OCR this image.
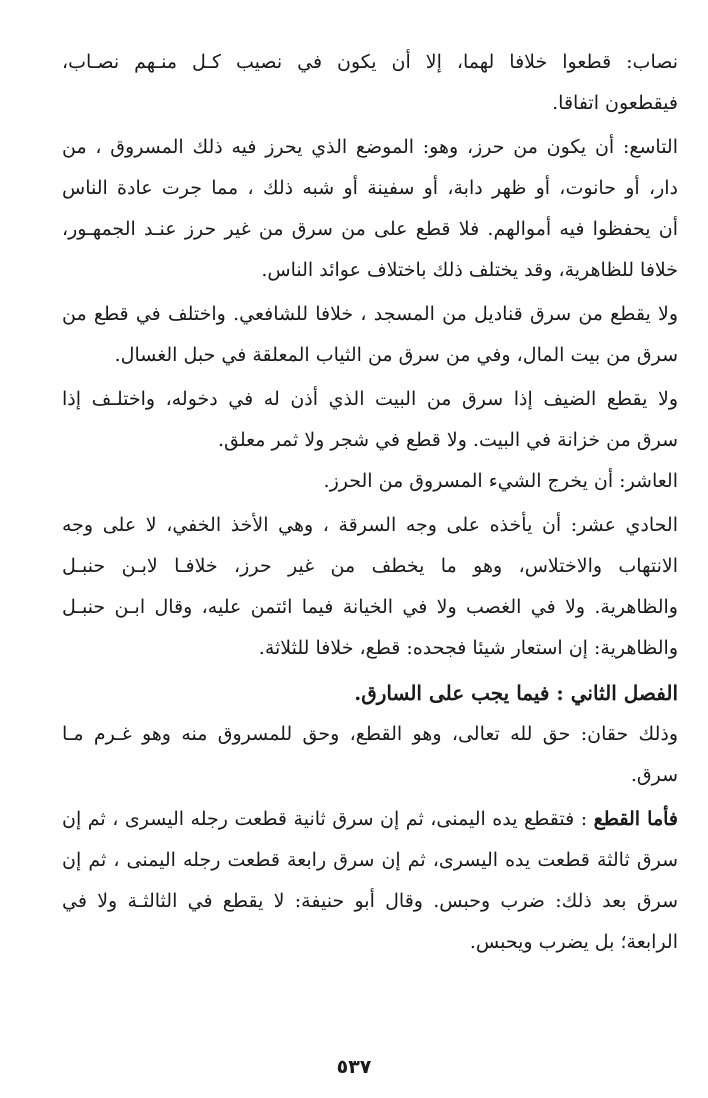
نصاب: قطعوا خلافا لهما، إلا أن يكون في نصيب كـل منـهم نصـاب،
فيقطعون اتفاقا.
التاسع: أن يكون من حرز، وهو: الموضع الذي يحرز فيه ذلك المسروق ، من
دار، أو حانوت، أو ظهر دابة، أو سفينة أو شبه ذلك ، مما جرت عادة الناس
أن يحفظوا فيه أموالهم. فلا قطع على من سرق من غير حرز عنـد الجمهـور،
خلافا للظاهرية، وقد يختلف ذلك باختلاف عوائد الناس.
ولا يقطع من سرق قناديل من المسجد ، خلافا للشافعي. واختلف في قطع من
سرق من بيت المال، وفي من سرق من الثياب المعلقة في حبل الغسال.
ولا يقطع الضيف إذا سرق من البيت الذي أذن له في دخوله، واختلـف إذا
سرق من خزانة في البيت. ولا قطع في شجر ولا ثمر معلق.
العاشر: أن يخرج الشيء المسروق من الحرز.
الحادي عشر: أن يأخذه على وجه السرقة ، وهي الأخذ الخفي، لا على وجه
الانتهاب والاختلاس، وهو ما يخطف من غير حرز، خلافـا لابـن حنبـل
والظاهرية. ولا في الغصب ولا في الخيانة فيما ائتمن عليه، وقال ابـن حنبـل
والظاهرية: إن استعار شيئا فجحده: قطع، خلافا للثلاثة.
الفصل الثاني : فيما يجب على السارق.
وذلك حقان: حق لله تعالى، وهو القطع، وحق للمسروق منه وهو غـرم مـا
سرق.
فأما القطع : فتقطع يده اليمنى، ثم إن سرق ثانية قطعت رجله اليسرى ، ثم إن
سرق ثالثة قطعت يده اليسرى، ثم إن سرق رابعة قطعت رجله اليمنى ، ثم إن
سرق بعد ذلك: ضرب وحبس. وقال أبو حنيفة: لا يقطع في الثالثـة ولا في
الرابعة؛ بل يضرب ويحبس.
٥٣٧
